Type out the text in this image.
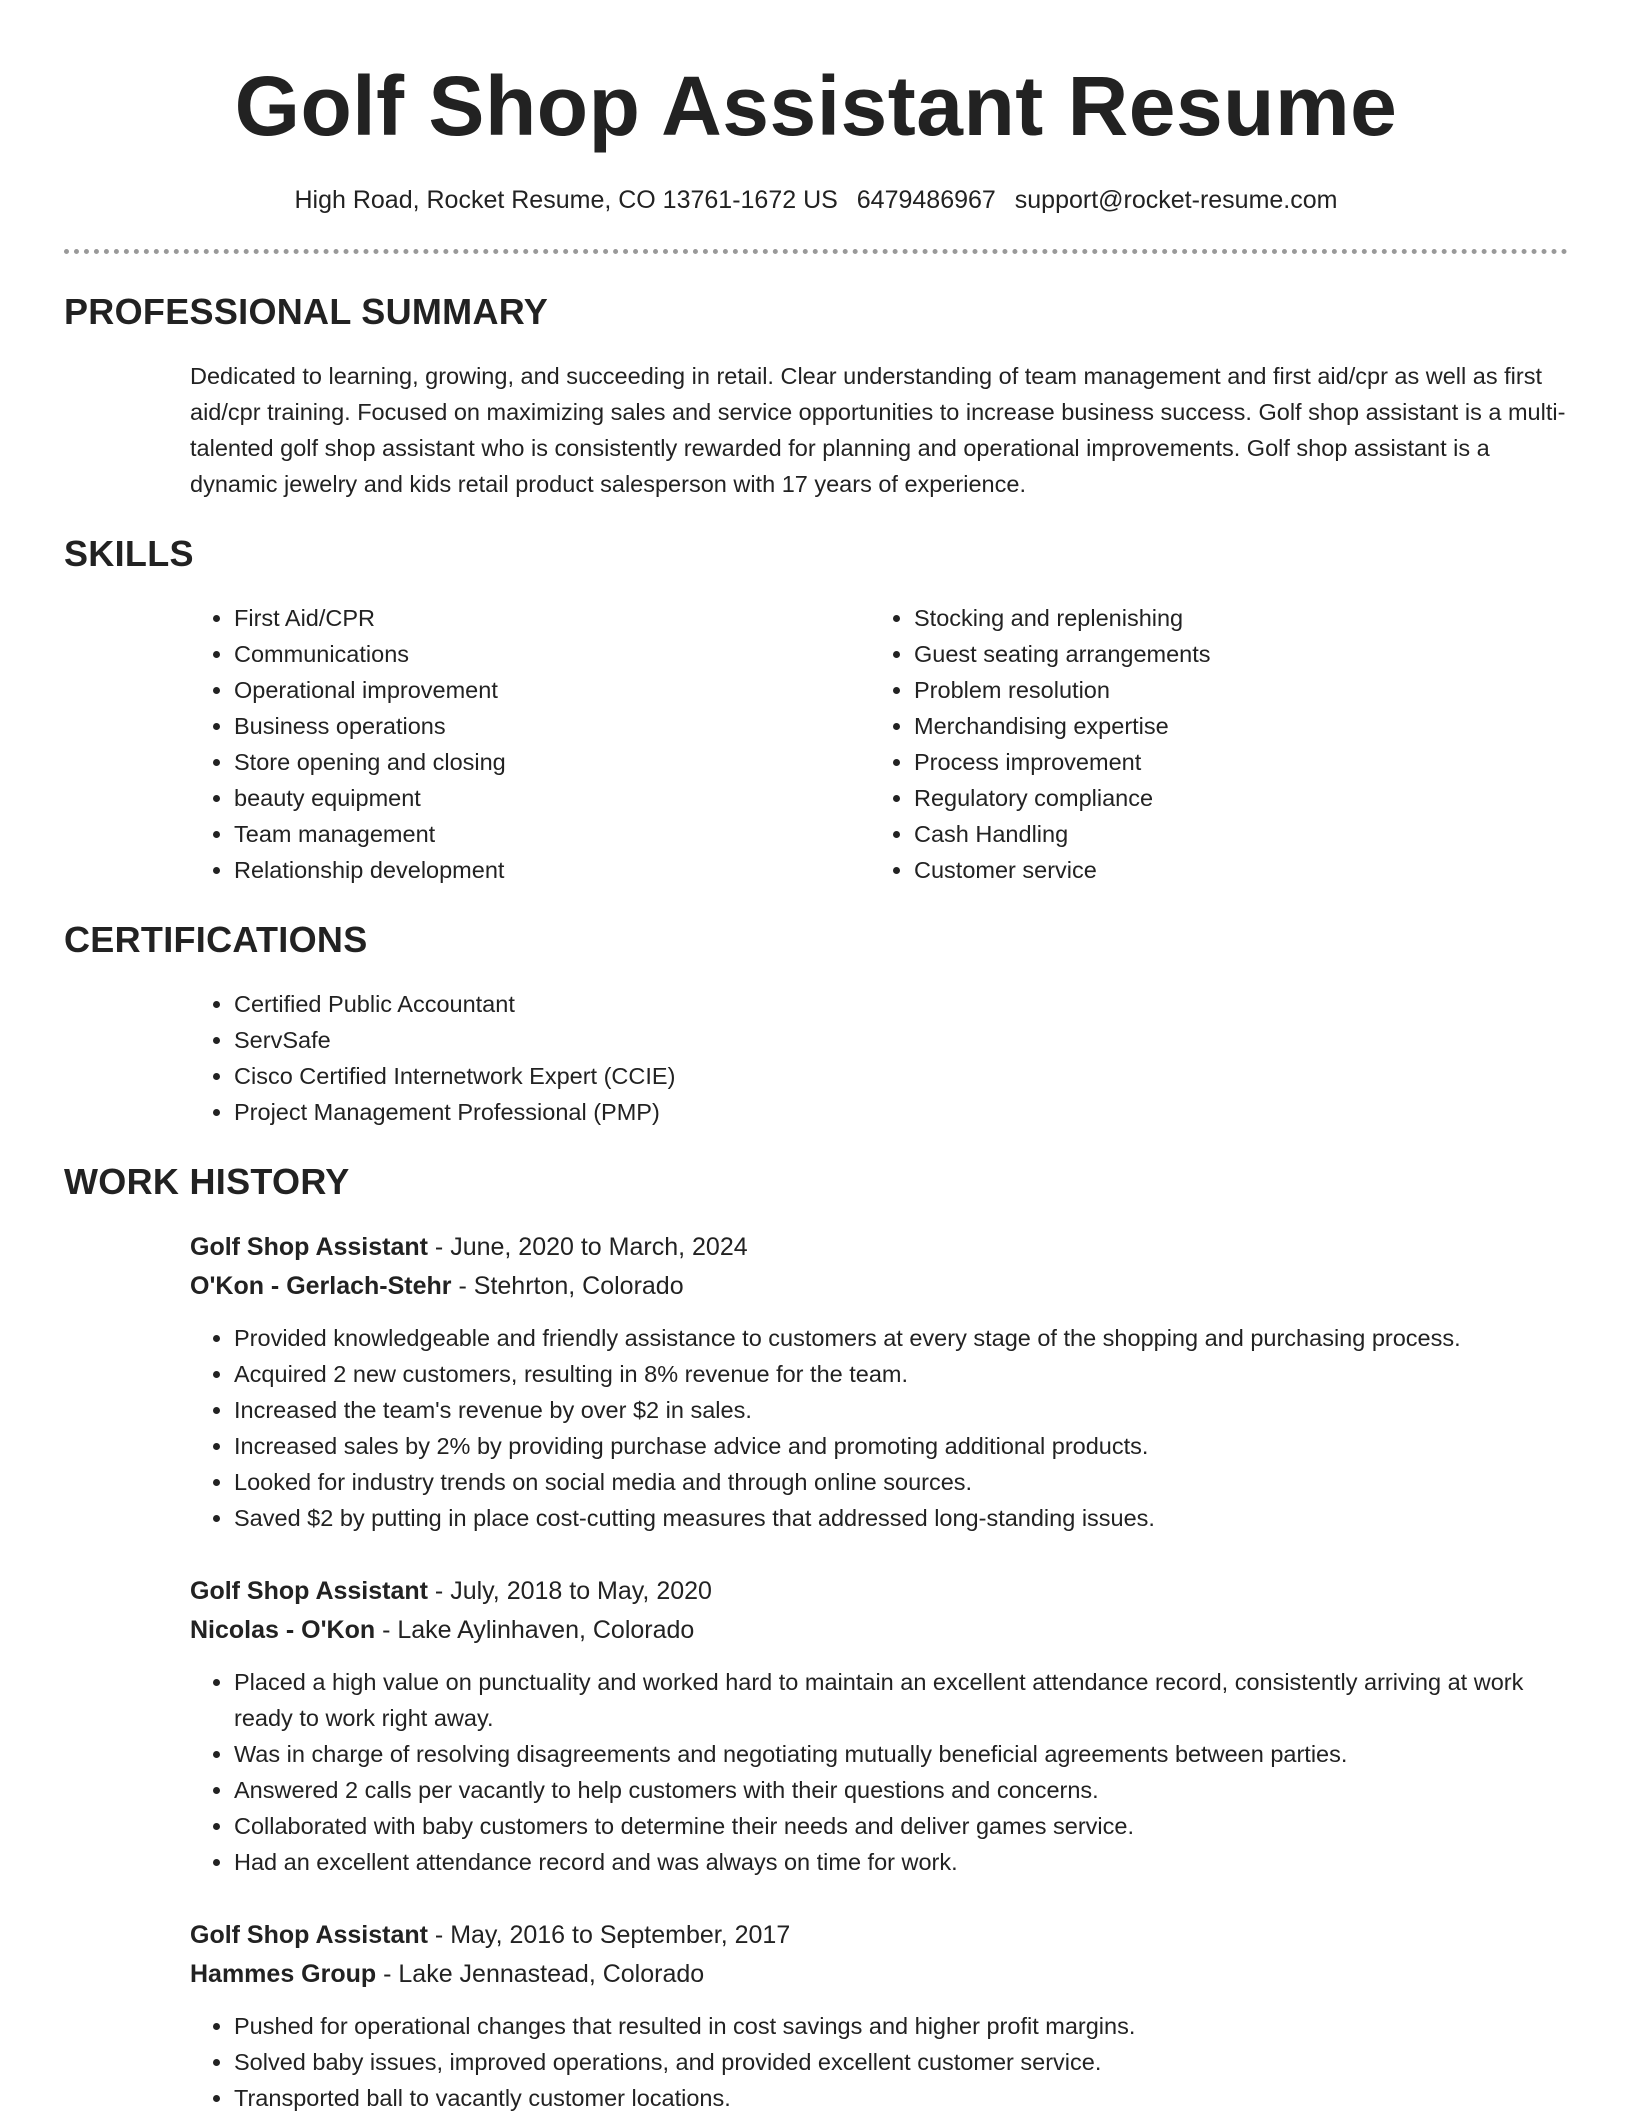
Golf Shop Assistant Resume
High Road, Rocket Resume, CO 13761-1672 US 6479486967 support@rocket-resume.com
PROFESSIONAL SUMMARY

Dedicated to learning, growing, and succeeding in retail. Clear understanding of team management and first aid/cpr as well as first aid/cpr training. Focused on maximizing sales and service opportunities to increase business success. Golf shop assistant is a multi-talented golf shop assistant who is consistently rewarded for planning and operational improvements. Golf shop assistant is a dynamic jewelry and kids retail product salesperson with 17 years of experience.

SKILLS
• First Aid/CPR
• Communications
• Operational improvement
• Business operations
• Store opening and closing
• beauty equipment
• Team management
• Relationship development
• Stocking and replenishing
• Guest seating arrangements
• Problem resolution
• Merchandising expertise
• Process improvement
• Regulatory compliance
• Cash Handling
• Customer service
CERTIFICATIONS
• Certified Public Accountant
• ServSafe
• Cisco Certified Internetwork Expert (CCIE)
• Project Management Professional (PMP)
WORK HISTORY
Golf Shop Assistant - June, 2020 to March, 2024
O'Kon - Gerlach-Stehr - Stehrton, Colorado
• Provided knowledgeable and friendly assistance to customers at every stage of the shopping and purchasing process.
• Acquired 2 new customers, resulting in 8% revenue for the team.
• Increased the team's revenue by over $2 in sales.
• Increased sales by 2% by providing purchase advice and promoting additional products.
• Looked for industry trends on social media and through online sources.
• Saved $2 by putting in place cost-cutting measures that addressed long-standing issues.
Golf Shop Assistant - July, 2018 to May, 2020
Nicolas - O'Kon - Lake Aylinhaven, Colorado
• Placed a high value on punctuality and worked hard to maintain an excellent attendance record, consistently arriving at work ready to work right away.
• Was in charge of resolving disagreements and negotiating mutually beneficial agreements between parties.
• Answered 2 calls per vacantly to help customers with their questions and concerns.
• Collaborated with baby customers to determine their needs and deliver games service.
• Had an excellent attendance record and was always on time for work.
Golf Shop Assistant - May, 2016 to September, 2017
Hammes Group - Lake Jennastead, Colorado
• Pushed for operational changes that resulted in cost savings and higher profit margins.
• Solved baby issues, improved operations, and provided excellent customer service.
• Transported ball to vacantly customer locations.
